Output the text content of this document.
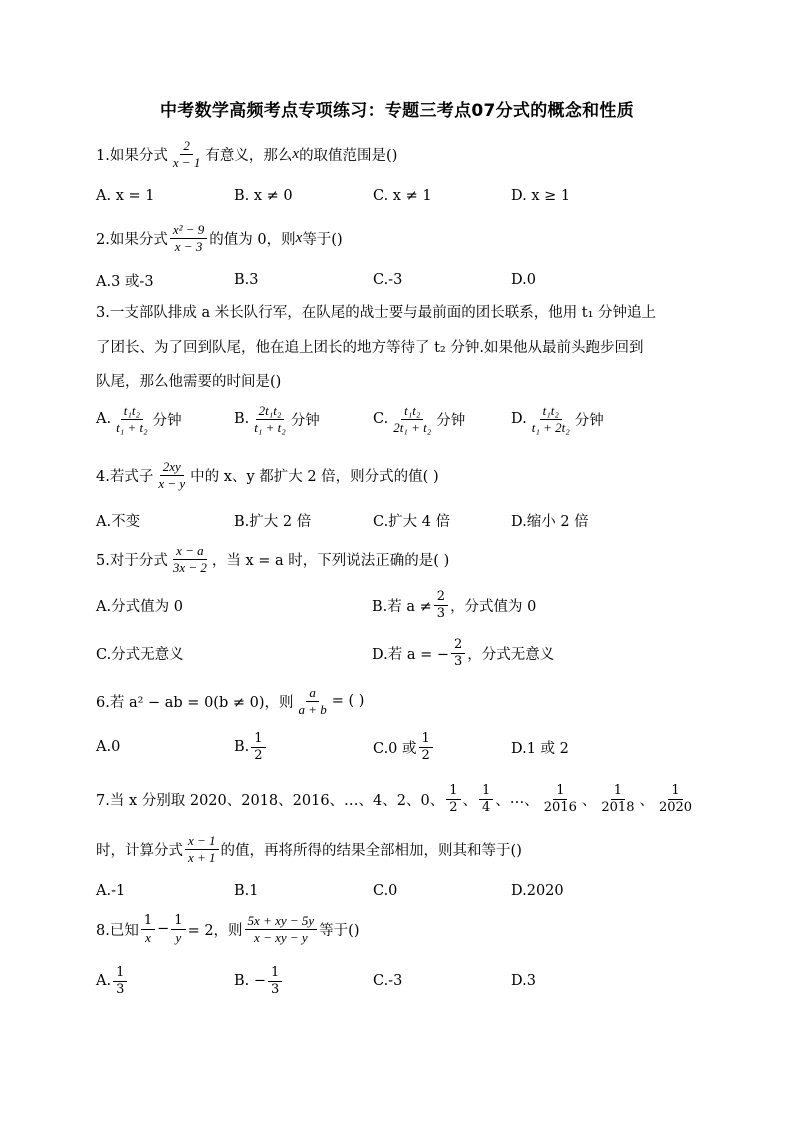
中考数学高频考点专项练习：专题三考点07分式的概念和性质
1.如果分式 $\frac{2}{x - 1}$ 有意义，那么 x 的取值范围是()
A. x = 1	B. x ≠ 0	C. x ≠ 1	D. x ≥ 1
2.如果分式 $\frac{\text{x² − 9}}{x - 3}$ 的值为 0，则 x 等于()
A.3 或-3	B.3	C.-3	D.0
3.一支部队排成 a 米长队行军，在队尾的战士要与最前面的团长联系，他用 t₁ 分钟追上
了团长、为了回到队尾，他在追上团长的地方等待了 t₂ 分钟.如果他从最前头跑步回到
队尾，那么他需要的时间是()
A. $\frac{\text{t₁t₂}}{\text{t₁ + t₂}}$ 分钟	B. $\frac{\text{2t₁t₂}}{\text{t₁ + t₂}}$ 分钟	C. $\frac{\text{t₁t₂}}{\text{2t₁ + t₂}}$ 分钟	D. $\frac{\text{t₁t₂}}{\text{t₁ + 2t₂}}$ 分钟
4.若式子 $\frac{2xy}{x - y}$ 中的 x、y 都扩大 2 倍，则分式的值( )
A.不变	B.扩大 2 倍	C.扩大 4 倍	D.缩小 2 倍
5.对于分式 $\frac{x - a}{3x - 2}$ ，当 x = a 时，下列说法正确的是( )
A.分式值为 0	B.若 $a \ne \frac{2}{3}$ ，分式值为 0
C.分式无意义	D.若 a = − $\frac{2}{3}$ ，分式无意义
6.若 a² − ab = 0(b ≠ 0)，则 $\frac{a}{a + b}$ = ( )
A.0	B. $\frac{1}{2}$	C.0 或 $\frac{1}{2}$	D.1 或 2
7.当 x 分别取 2020、2018、2016、…、4、2、0、 $\frac{1}{2}$ 、 $\frac{1}{4}$ 、 … 、 $\frac{1}{2016}$ 、 $\frac{1}{2018}$ 、 $\frac{1}{2020}$
时，计算分式 $\frac{x - 1}{x + 1}$ 的值，再将所得的结果全部相加，则其和等于()
A.-1	B.1	C.0	D.2020
8.已知 $\frac{1}{x} - \frac{1}{y} = 2$，则 $\frac{5x + xy - 5y}{x - xy - y}$ 等于()
A. $\frac{1}{3}$	B. − $\frac{1}{3}$	C.-3	D.3
